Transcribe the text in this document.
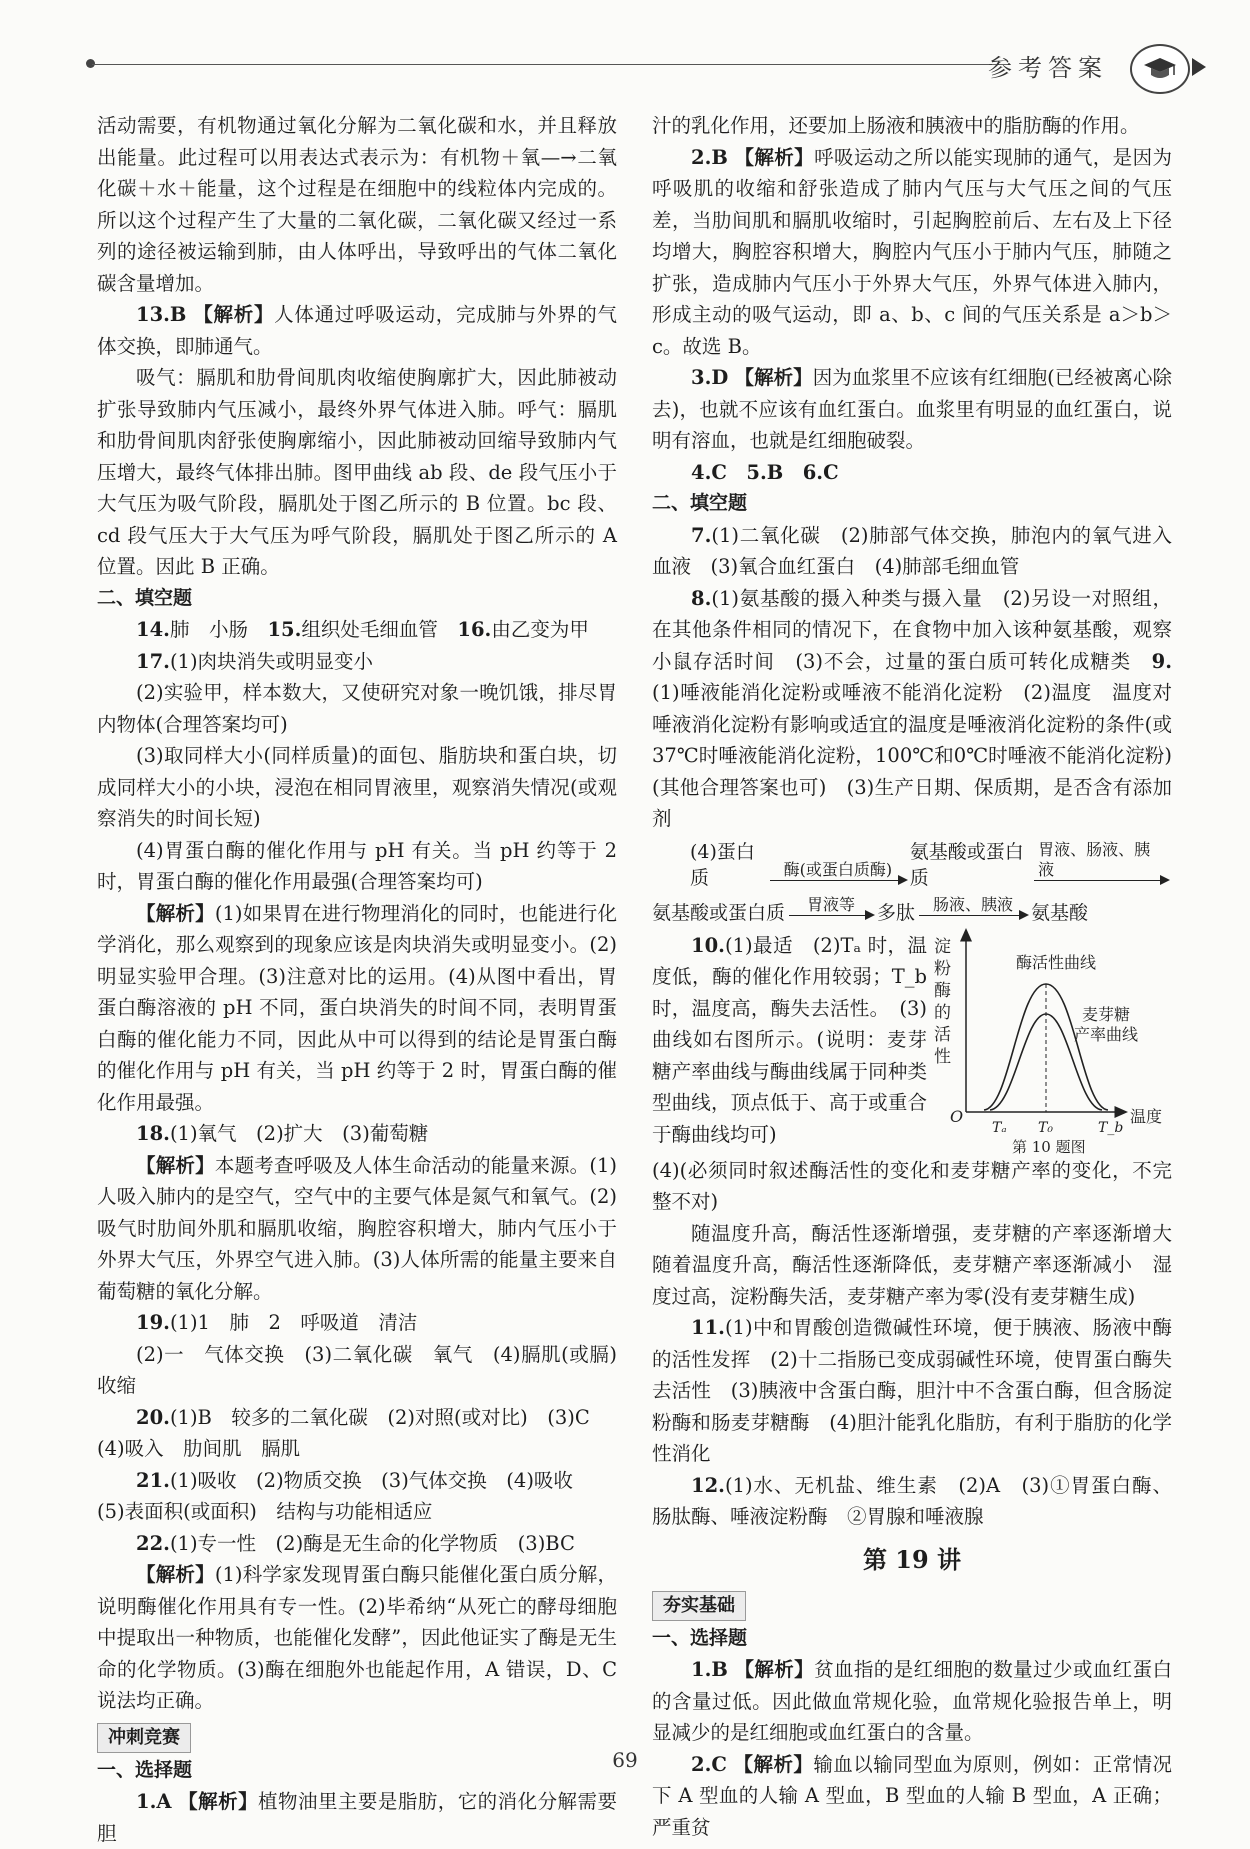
参考答案

活动需要，有机物通过氧化分解为二氧化碳和水，并且释放出能量。此过程可以用表达式表示为：有机物＋氧—→二氧化碳＋水＋能量，这个过程是在细胞中的线粒体内完成的。所以这个过程产生了大量的二氧化碳，二氧化碳又经过一系列的途径被运输到肺，由人体呼出，导致呼出的气体二氧化碳含量增加。

13.B 【解析】人体通过呼吸运动，完成肺与外界的气体交换，即肺通气。

吸气：膈肌和肋骨间肌肉收缩使胸廓扩大，因此肺被动扩张导致肺内气压减小，最终外界气体进入肺。呼气：膈肌和肋骨间肌肉舒张使胸廓缩小，因此肺被动回缩导致肺内气压增大，最终气体排出肺。图甲曲线 ab 段、de 段气压小于大气压为吸气阶段，膈肌处于图乙所示的 B 位置。bc 段、cd 段气压大于大气压为呼气阶段，膈肌处于图乙所示的 A 位置。因此 B 正确。

二、填空题

14.肺　小肠　15.组织处毛细血管　16.由乙变为甲

17.(1)肉块消失或明显变小

(2)实验甲，样本数大，又使研究对象一晚饥饿，排尽胃内物体(合理答案均可)

(3)取同样大小(同样质量)的面包、脂肪块和蛋白块，切成同样大小的小块，浸泡在相同胃液里，观察消失情况(或观察消失的时间长短)

(4)胃蛋白酶的催化作用与 pH 有关。当 pH 约等于 2 时，胃蛋白酶的催化作用最强(合理答案均可)

【解析】(1)如果胃在进行物理消化的同时，也能进行化学消化，那么观察到的现象应该是肉块消失或明显变小。(2)明显实验甲合理。(3)注意对比的运用。(4)从图中看出，胃蛋白酶溶液的 pH 不同，蛋白块消失的时间不同，表明胃蛋白酶的催化能力不同，因此从中可以得到的结论是胃蛋白酶的催化作用与 pH 有关，当 pH 约等于 2 时，胃蛋白酶的催化作用最强。

18.(1)氧气　(2)扩大　(3)葡萄糖

【解析】本题考查呼吸及人体生命活动的能量来源。(1)人吸入肺内的是空气，空气中的主要气体是氮气和氧气。(2)吸气时肋间外肌和膈肌收缩，胸腔容积增大，肺内气压小于外界大气压，外界空气进入肺。(3)人体所需的能量主要来自葡萄糖的氧化分解。

19.(1)1　肺　2　呼吸道　清洁

(2)一　气体交换　(3)二氧化碳　氧气　(4)膈肌(或膈)　收缩

20.(1)B　较多的二氧化碳　(2)对照(或对比)　(3)C

(4)吸入　肋间肌　膈肌

21.(1)吸收　(2)物质交换　(3)气体交换　(4)吸收

(5)表面积(或面积)　结构与功能相适应

22.(1)专一性　(2)酶是无生命的化学物质　(3)BC

【解析】(1)科学家发现胃蛋白酶只能催化蛋白质分解，说明酶催化作用具有专一性。(2)毕希纳“从死亡的酵母细胞中提取出一种物质，也能催化发酵”，因此他证实了酶是无生命的化学物质。(3)酶在细胞外也能起作用，A 错误，D、C 说法均正确。

冲刺竞赛
一、选择题

1.A 【解析】植物油里主要是脂肪，它的消化分解需要胆

汁的乳化作用，还要加上肠液和胰液中的脂肪酶的作用。

2.B 【解析】呼吸运动之所以能实现肺的通气，是因为呼吸肌的收缩和舒张造成了肺内气压与大气压之间的气压差，当肋间肌和膈肌收缩时，引起胸腔前后、左右及上下径均增大，胸腔容积增大，胸腔内气压小于肺内气压，肺随之扩张，造成肺内气压小于外界大气压，外界气体进入肺内，形成主动的吸气运动，即 a、b、c 间的气压关系是 a＞b＞c。故选 B。

3.D 【解析】因为血浆里不应该有红细胞(已经被离心除去)，也就不应该有血红蛋白。血浆里有明显的血红蛋白，说明有溶血，也就是红细胞破裂。

4.C　5.B　6.C

二、填空题

7.(1)二氧化碳　(2)肺部气体交换，肺泡内的氧气进入血液　(3)氧合血红蛋白　(4)肺部毛细血管

8.(1)氨基酸的摄入种类与摄入量　(2)另设一对照组，在其他条件相同的情况下，在食物中加入该种氨基酸，观察小鼠存活时间　(3)不会，过量的蛋白质可转化成糖类　9.(1)唾液能消化淀粉或唾液不能消化淀粉　(2)温度　温度对唾液消化淀粉有影响或适宜的温度是唾液消化淀粉的条件(或37℃时唾液能消化淀粉，100℃和0℃时唾液不能消化淀粉)(其他合理答案也可)　(3)生产日期、保质期，是否含有添加剂

(4)蛋白质	酶(或蛋白质酶)
氨基酸或蛋白质
胃液、肠液、胰液
氨基酸或蛋白质 胃液等 多肽 肠液、胰液 氨基酸
10.(1)最适　(2)Tₐ 时，温度低，酶的催化作用较弱；T_b 时，温度高，酶失去活性。　(3)曲线如右图所示。(说明：麦芽糖产率曲线与酶曲线属于同种类型曲线，顶点低于、高于或重合于酶曲线均可)
淀
粉
酶
的
活
性
酶活性曲线
麦芽糖
产率曲线
O
Tₐ T₀	T_b
温度
第 10 题图

(4)(必须同时叙述酶活性的变化和麦芽糖产率的变化，不完整不对)

随温度升高，酶活性逐渐增强，麦芽糖的产率逐渐增大　随着温度升高，酶活性逐渐降低，麦芽糖产率逐渐减小　湿度过高，淀粉酶失活，麦芽糖产率为零(没有麦芽糖生成)

11.(1)中和胃酸创造微碱性环境，便于胰液、肠液中酶的活性发挥　(2)十二指肠已变成弱碱性环境，使胃蛋白酶失去活性　(3)胰液中含蛋白酶，胆汁中不含蛋白酶，但含肠淀粉酶和肠麦芽糖酶　(4)胆汁能乳化脂肪，有利于脂肪的化学性消化

12.(1)水、无机盐、维生素　(2)A　(3)①胃蛋白酶、肠肽酶、唾液淀粉酶　②胃腺和唾液腺

第 19 讲
夯实基础
一、选择题

1.B 【解析】贫血指的是红细胞的数量过少或血红蛋白的含量过低。因此做血常规化验，血常规化验报告单上，明显减少的是红细胞或血红蛋白的含量。

2.C 【解析】输血以输同型血为原则，例如：正常情况下 A 型血的人输 A 型血，B 型血的人输 B 型血，A 正确；严重贫

69
